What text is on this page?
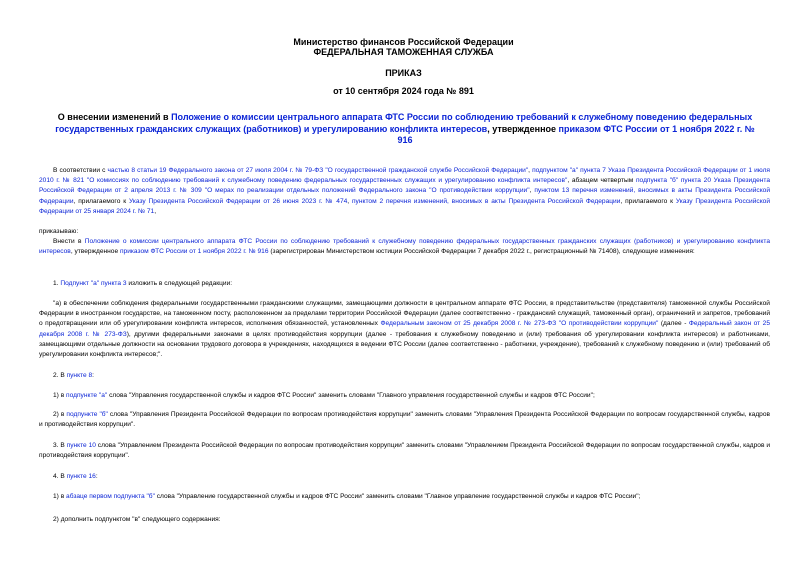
Министерство финансов Российской Федерации
ФЕДЕРАЛЬНАЯ ТАМОЖЕННАЯ СЛУЖБА
ПРИКАЗ
от 10 сентября 2024 года № 891
О внесении изменений в Положение о комиссии центрального аппарата ФТС России по соблюдению требований к служебному поведению федеральных государственных гражданских служащих (работников) и урегулированию конфликта интересов, утвержденное приказом ФТС России от 1 ноября 2022 г. № 916
В соответствии с частью 8 статьи 19 Федерального закона от 27 июля 2004 г. № 79-ФЗ "О государственной гражданской службе Российской Федерации", подпунктом "а" пункта 7 Указа Президента Российской Федерации от 1 июля 2010 г. № 821 "О комиссиях по соблюдению требований к служебному поведению федеральных государственных служащих и урегулированию конфликта интересов", абзацем четвертым подпункта "б" пункта 20 Указа Президента Российской Федерации от 2 апреля 2013 г. № 309 "О мерах по реализации отдельных положений Федерального закона "О противодействии коррупции", пунктом 13 перечня изменений, вносимых в акты Президента Российской Федерации, прилагаемого к Указу Президента Российской Федерации от 26 июня 2023 г. № 474, пунктом 2 перечня изменений, вносимых в акты Президента Российской Федерации, прилагаемого к Указу Президента Российской Федерации от 25 января 2024 г. № 71,
приказываю:
Внести в Положение о комиссии центрального аппарата ФТС России по соблюдению требований к служебному поведению федеральных государственных гражданских служащих (работников) и урегулированию конфликта интересов, утвержденное приказом ФТС России от 1 ноября 2022 г. № 916 (зарегистрирован Министерством юстиции Российской Федерации 7 декабря 2022 г., регистрационный № 71408), следующие изменения:
1. Подпункт "а" пункта 3 изложить в следующей редакции:
"а) в обеспечении соблюдения федеральными государственными гражданскими служащими, замещающими должности в центральном аппарате ФТС России, в представительстве (представителя) таможенной службы Российской Федерации в иностранном государстве, на таможенном посту, расположенном за пределами территории Российской Федерации (далее соответственно - гражданский служащий, таможенный орган), ограничений и запретов, требований о предотвращении или об урегулировании конфликта интересов, исполнения обязанностей, установленных Федеральным законом от 25 декабря 2008 г. № 273-ФЗ "О противодействии коррупции" (далее - Федеральный закон от 25 декабря 2008 г. № 273-ФЗ), другими федеральными законами в целях противодействия коррупции (далее - требования к служебному поведению и (или) требования об урегулировании конфликта интересов) и работниками, замещающими отдельные должности на основании трудового договора в учреждениях, находящихся в ведении ФТС России (далее соответственно - работники, учреждение), требований к служебному поведению и (или) требований об урегулировании конфликта интересов;".
2. В пункте 8:
1) в подпункте "а" слова "Управления государственной службы и кадров ФТС России" заменить словами "Главного управления государственной службы и кадров ФТС России";
2) в подпункте "б" слова "Управления Президента Российской Федерации по вопросам противодействия коррупции" заменить словами "Управления Президента Российской Федерации по вопросам государственной службы, кадров и противодействия коррупции".
3. В пункте 10 слова "Управлением Президента Российской Федерации по вопросам противодействия коррупции" заменить словами "Управлением Президента Российской Федерации по вопросам государственной службы, кадров и противодействия коррупции".
4. В пункте 16:
1) в абзаце первом подпункта "б" слова "Управление государственной службы и кадров ФТС России" заменить словами "Главное управление государственной службы и кадров ФТС России";
2) дополнить подпунктом "в" следующего содержания:
